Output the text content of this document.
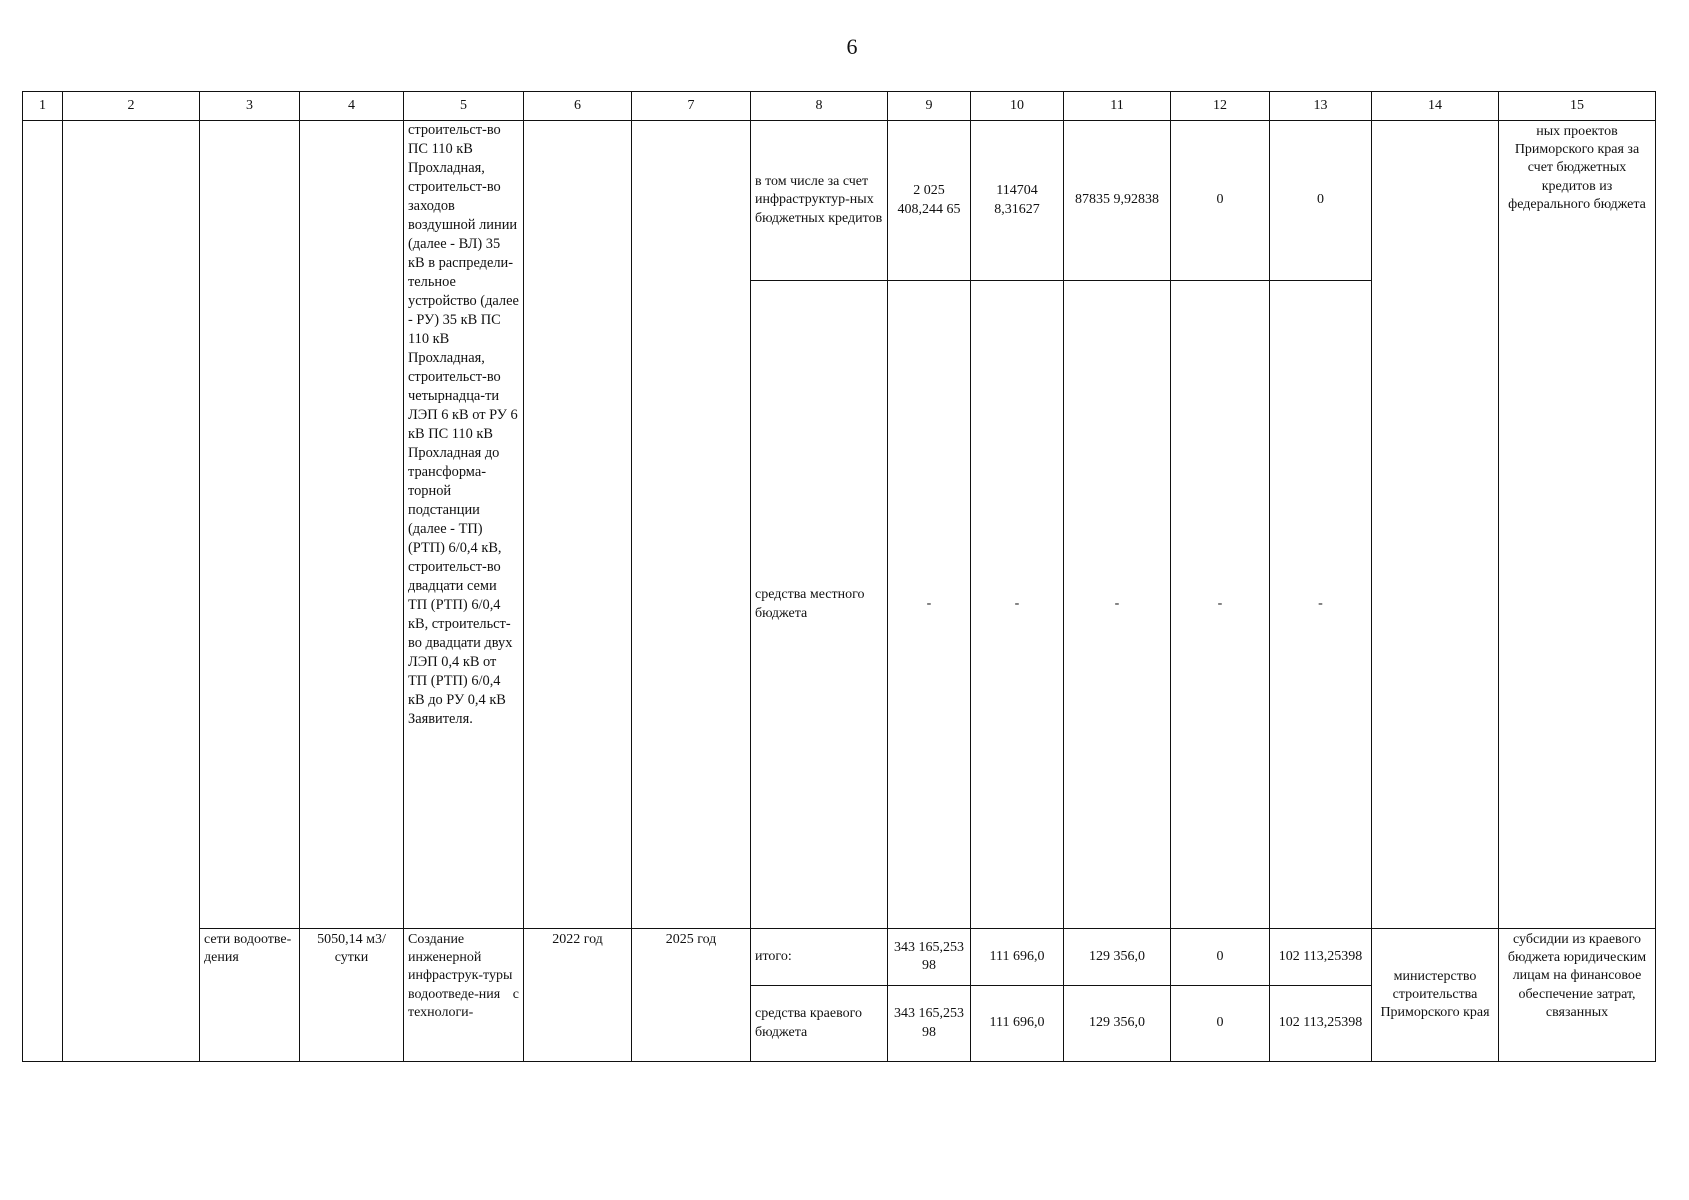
6
1	2	3	4	5	6	7	8	9	10	11	12	13	14	15
				строительст-во ПС 110 кВ Прохладная, строительст-во заходов воздушной линии (далее - ВЛ) 35 кВ в распредели-тельное устройство (далее - РУ) 35 кВ ПС 110 кВ Прохладная, строительст-во четырнадца-ти ЛЭП 6 кВ от РУ 6 кВ ПС 110 кВ Прохладная до трансформа-торной подстанции (далее - ТП) (РТП) 6/0,4 кВ, строительст-во двадцати семи ТП (РТП) 6/0,4 кВ, строительст-во двадцати двух ЛЭП 0,4 кВ от ТП (РТП) 6/0,4 кВ до РУ 0,4 кВ Заявителя.			в том числе за счет инфраструктур-ных бюджетных кредитов	2 025 408,244 65	114704 8,31627	87835 9,92838	0	0		ных проектов Приморского края за счет бюджетных кредитов из федерального бюджета
							средства местного бюджета	-	-	-	-	-		
		сети водоотве-дения	5050,14 м3/сутки	Создание инженерной инфраструк-туры водоотведе-ния с технологи-	2022 год	2025 год	итого:	343 165,253 98	111 696,0	129 356,0	0	102 113,25398	министерство строительства Приморского края	субсидии из краевого бюджета юридическим лицам на финансовое обеспечение затрат, связанных
							средства краевого бюджета	343 165,253 98	111 696,0	129 356,0	0	102 113,25398		
